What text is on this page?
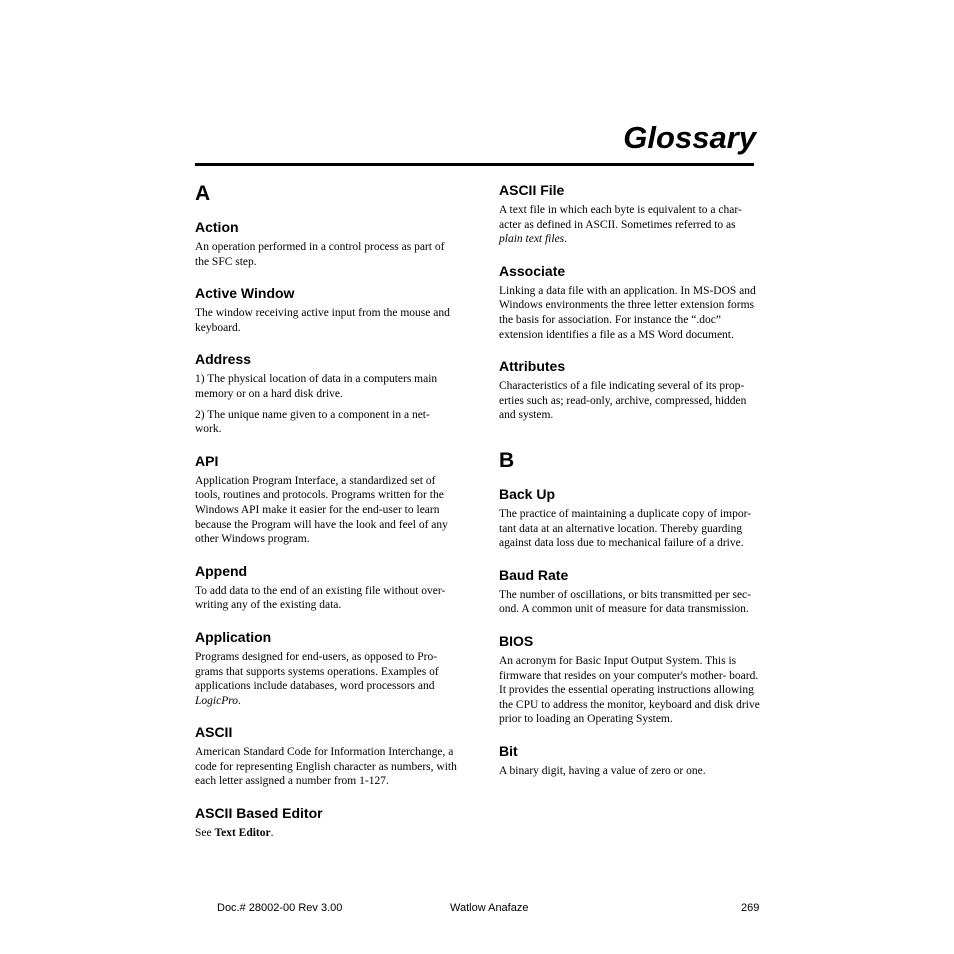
Glossary
A
Action

An operation performed in a control process as part of the SFC step.

Active Window

The window receiving active input from the mouse and keyboard.

Address

1) The physical location of data in a computers main memory or on a hard disk drive.

2) The unique name given to a component in a net- work.

API

Application Program Interface, a standardized set of tools, routines and protocols. Programs written for the Windows API make it easier for the end-user to learn because the Program will have the look and feel of any other Windows program.

Append

To add data to the end of an existing file without over- writing any of the existing data.

Application

Programs designed for end-users, as opposed to Pro- grams that supports systems operations. Examples of applications include databases, word processors and LogicPro.

ASCII

American Standard Code for Information Interchange, a code for representing English character as numbers, with each letter assigned a number from 1-127.

ASCII Based Editor

See Text Editor.

ASCII File

A text file in which each byte is equivalent to a char- acter as defined in ASCII. Sometimes referred to as plain text files.

Associate

Linking a data file with an application. In MS-DOS and Windows environments the three letter extension forms the basis for association. For instance the “.doc” extension identifies a file as a MS Word document.

Attributes

Characteristics of a file indicating several of its prop- erties such as; read-only, archive, compressed, hidden and system.

B
Back Up

The practice of maintaining a duplicate copy of impor- tant data at an alternative location. Thereby guarding against data loss due to mechanical failure of a drive.

Baud Rate

The number of oscillations, or bits transmitted per sec- ond. A common unit of measure for data transmission.

BIOS

An acronym for Basic Input Output System. This is firmware that resides on your computer's mother- board. It provides the essential operating instructions allowing the CPU to address the monitor, keyboard and disk drive prior to loading an Operating System.

Bit

A binary digit, having a value of zero or one.

Doc.# 28002-00 Rev 3.00	Watlow Anafaze	269
